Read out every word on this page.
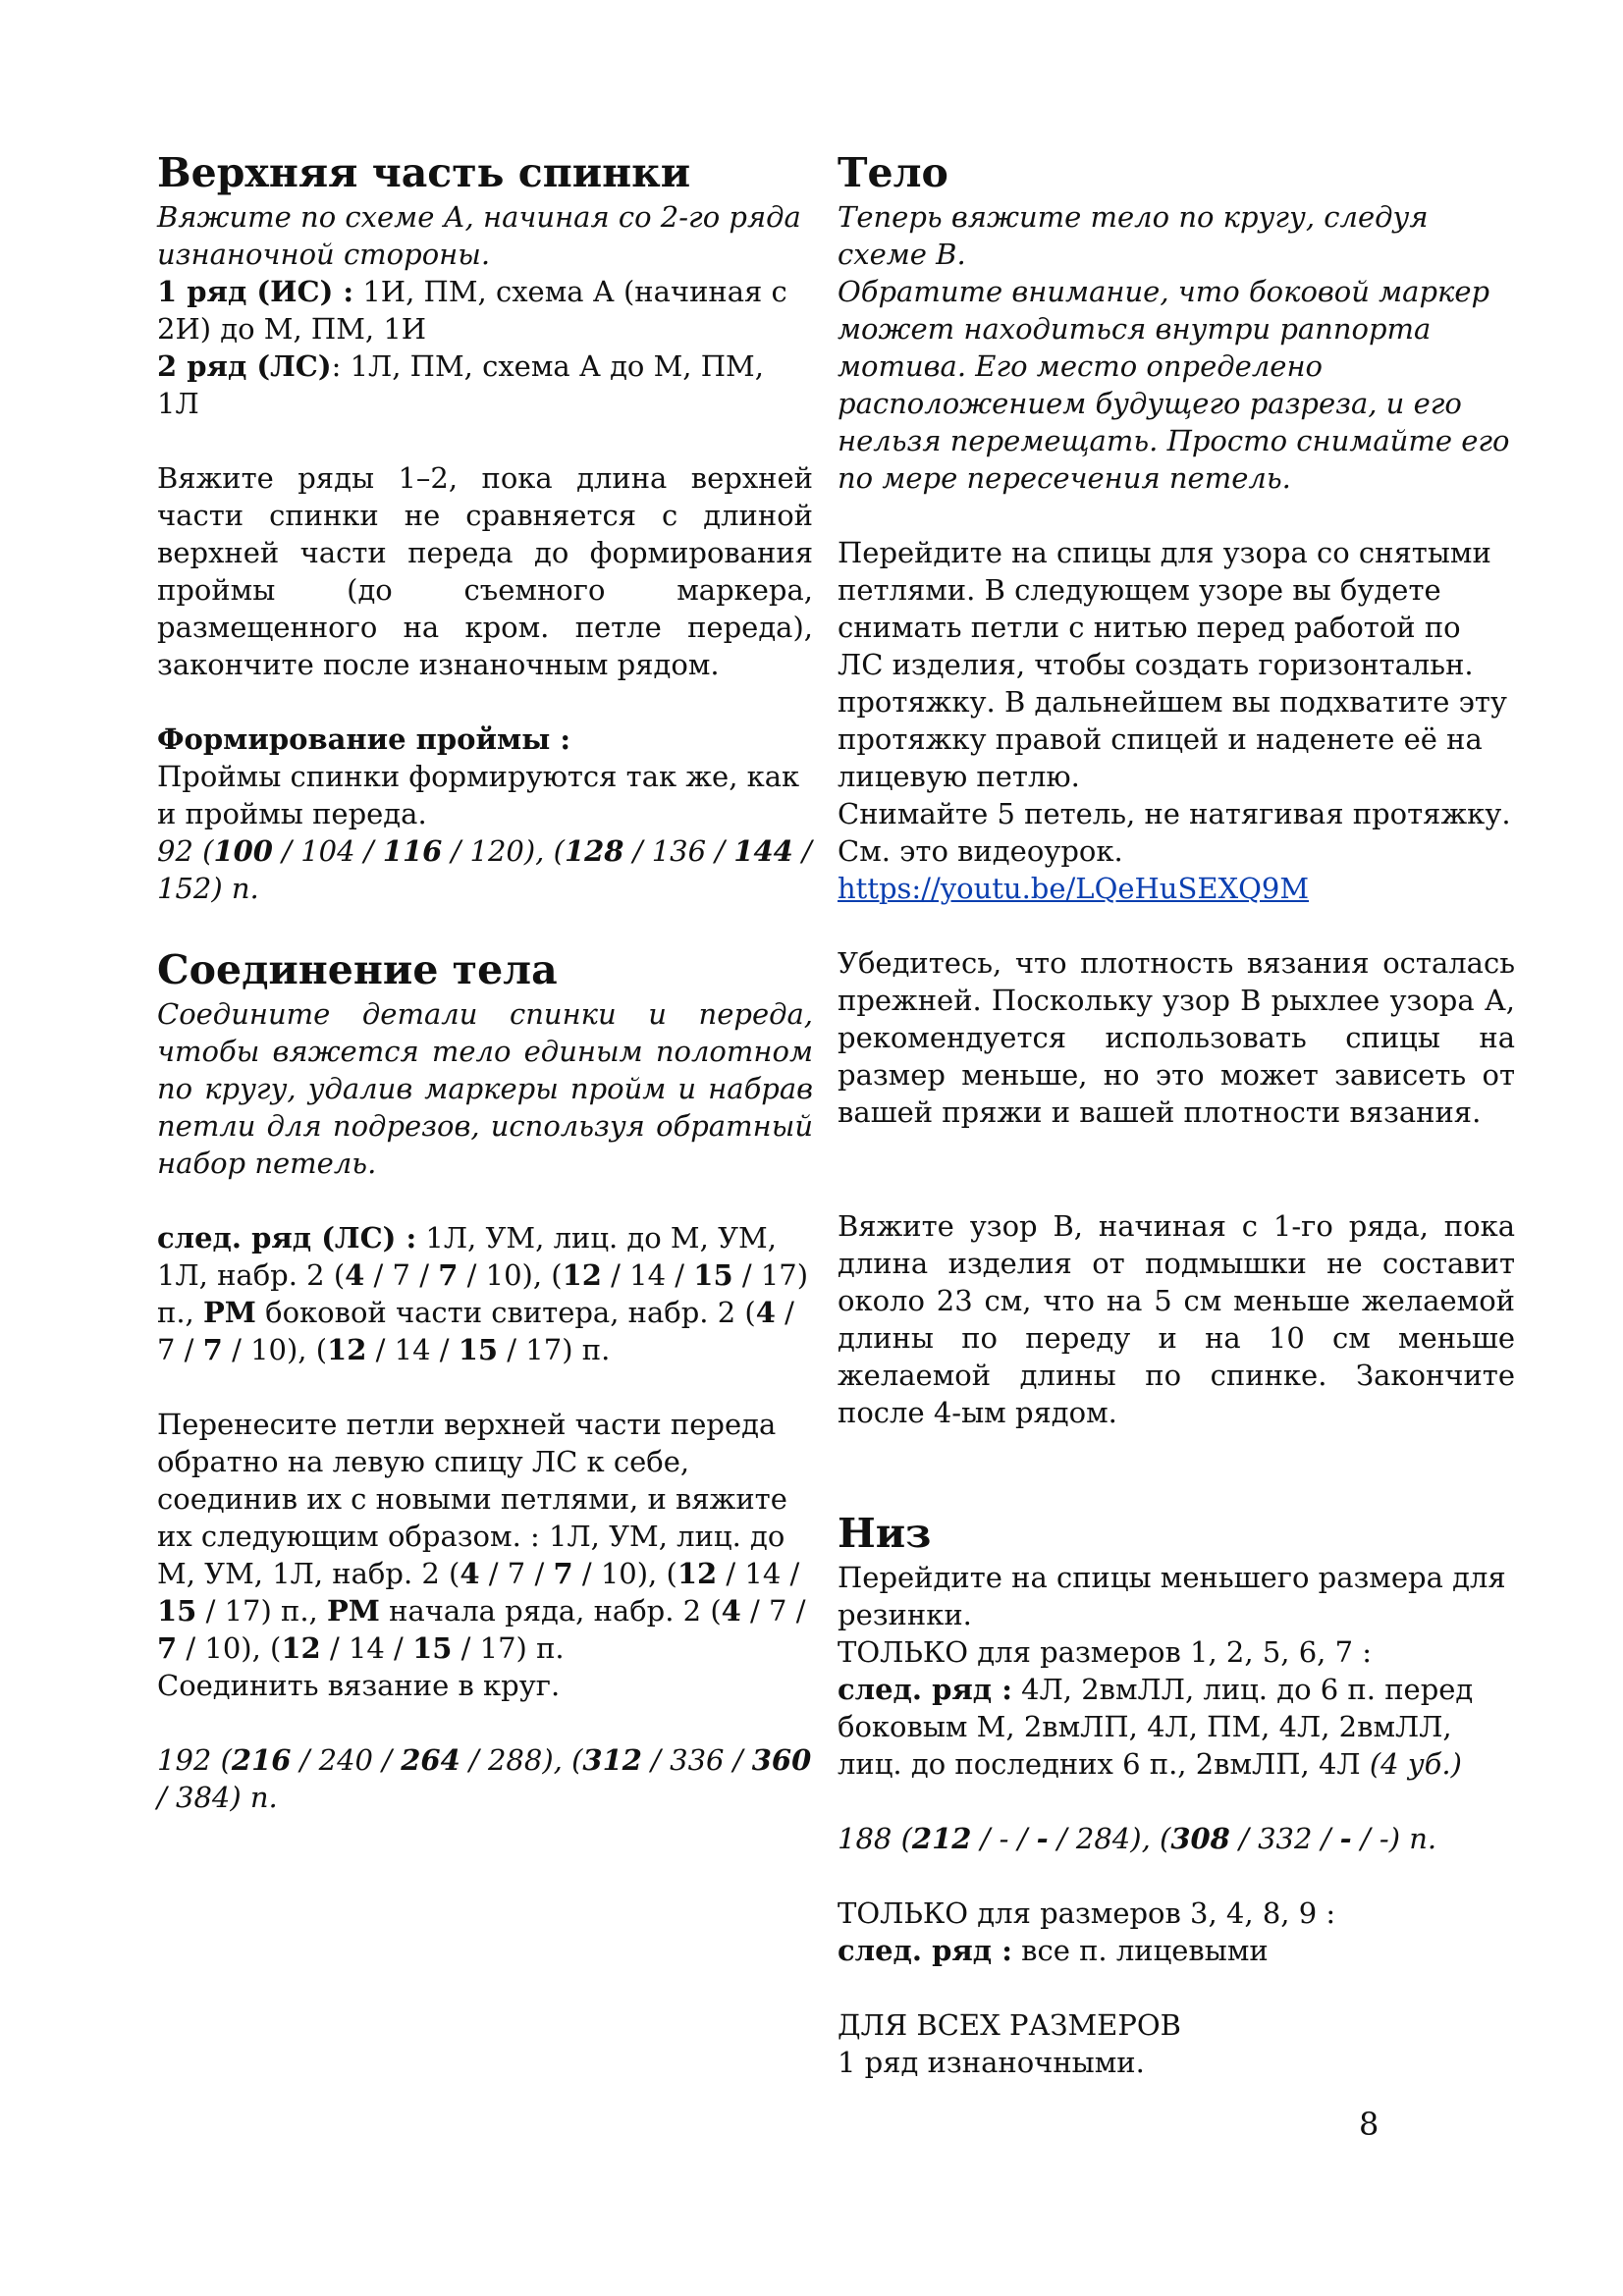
Верхняя часть спинки

Вяжите по схеме А, начиная со 2-го ряда изнаночной стороны.

1 ряд (ИС) : 1И, ПМ, схема А (начиная с 2И) до М, ПМ, 1И

2 ряд (ЛС): 1Л, ПМ, схема А до М, ПМ, 1Л

Вяжите ряды 1–2, пока длина верхней части спинки не сравняется с длиной верхней части переда до формирования проймы (до съемного маркера, размещенного на кром. петле переда), закончите после изнаночным рядом.

Формирование проймы :

Проймы спинки формируются так же, как и проймы переда.

92 (100 / 104 / 116 / 120), (128 / 136 / 144 / 152) п.

Соединение тела

Соедините детали спинки и переда, чтобы вяжется тело единым полотном по кругу, удалив маркеры пройм и набрав петли для подрезов, используя обратный набор петель.

след. ряд (ЛС) : 1Л, УМ, лиц. до М, УМ, 1Л, набр. 2 (4 / 7 / 7 / 10), (12 / 14 / 15 / 17) п., РМ боковой части свитера, набр. 2 (4 / 7 / 7 / 10), (12 / 14 / 15 / 17) п.

Перенесите петли верхней части переда обратно на левую спицу ЛС к себе, соединив их с новыми петлями, и вяжите их следующим образом. : 1Л, УМ, лиц. до М, УМ, 1Л, набр. 2 (4 / 7 / 7 / 10), (12 / 14 / 15 / 17) п., РМ начала ряда, набр. 2 (4 / 7 / 7 / 10), (12 / 14 / 15 / 17) п.
Соединить вязание в круг.

192 (216 / 240 / 264 / 288), (312 / 336 / 360 / 384) п.

Тело

Теперь вяжите тело по кругу, следуя схеме В.

Обратите внимание, что боковой маркер может находиться внутри раппорта мотива. Его место определено расположением будущего разреза, и его нельзя перемещать. Просто снимайте его по мере пересечения петель.

Перейдите на спицы для узора со снятыми петлями. В следующем узоре вы будете снимать петли с нитью перед работой по ЛС изделия, чтобы создать горизонтальн. протяжку. В дальнейшем вы подхватите эту протяжку правой спицей и наденете её на лицевую петлю.

Снимайте 5 петель, не натягивая протяжку.

См. это видеоурок.

https://youtu.be/LQeHuSEXQ9M

Убедитесь, что плотность вязания осталась прежней. Поскольку узор В рыхлее узора А, рекомендуется использовать спицы на размер меньше, но это может зависеть от вашей пряжи и вашей плотности вязания.

Вяжите узор В, начиная с 1-го ряда, пока длина изделия от подмышки не составит около 23 см, что на 5 см меньше желаемой длины по переду и на 10 см меньше желаемой длины по спинке. Закончите после 4-ым рядом.

Низ

Перейдите на спицы меньшего размера для резинки.

ТОЛЬКО для размеров 1, 2, 5, 6, 7 :

след. ряд : 4Л, 2вмЛЛ, лиц. до 6 п. перед боковым М, 2вмЛП, 4Л, ПМ, 4Л, 2вмЛЛ, лиц. до последних 6 п., 2вмЛП, 4Л (4 уб.)

188 (212 / - / - / 284), (308 / 332 / - / -) п.

ТОЛЬКО для размеров 3, 4, 8, 9 :

след. ряд : все п. лицевыми

ДЛЯ ВСЕХ РАЗМЕРОВ

1 ряд изнаночными.

8
